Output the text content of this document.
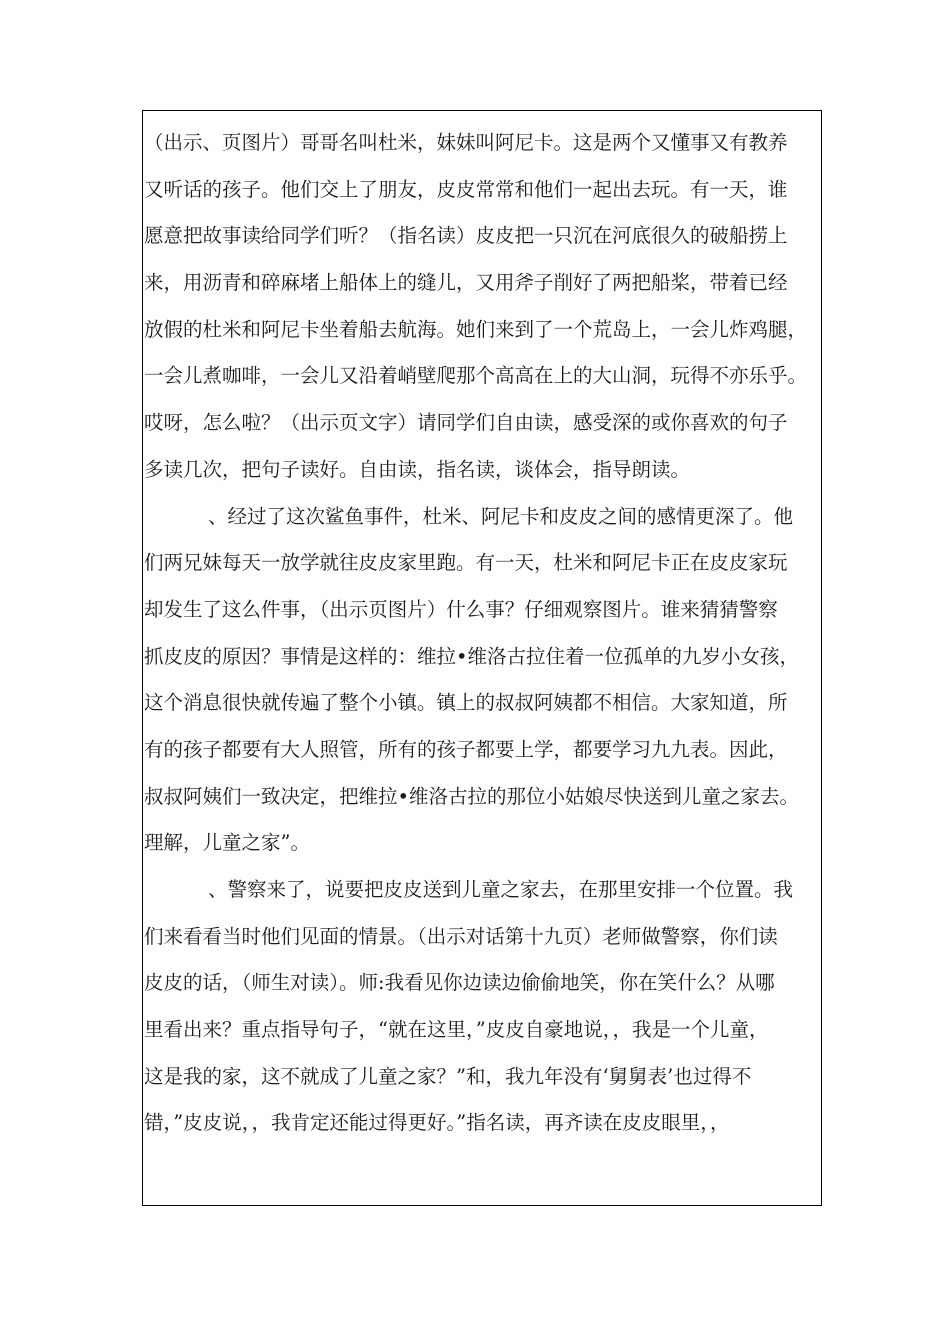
（出示、页图片）哥哥名叫杜米，妹妹叫阿尼卡。这是两个又懂事又有教养
又听话的孩子。他们交上了朋友，皮皮常常和他们一起出去玩。有一天，谁
愿意把故事读给同学们听？（指名读）皮皮把一只沉在河底很久的破船捞上
来，用沥青和碎麻堵上船体上的缝儿，又用斧子削好了两把船桨，带着已经
放假的杜米和阿尼卡坐着船去航海。她们来到了一个荒岛上，一会儿炸鸡腿，
一会儿煮咖啡，一会儿又沿着峭壁爬那个高高在上的大山洞，玩得不亦乐乎。
哎呀，怎么啦？（出示页文字）请同学们自由读，感受深的或你喜欢的句子
多读几次，把句子读好。自由读，指名读，谈体会，指导朗读。
、经过了这次鲨鱼事件，杜米、阿尼卡和皮皮之间的感情更深了。他
们两兄妹每天一放学就往皮皮家里跑。有一天，杜米和阿尼卡正在皮皮家玩
却发生了这么件事，（出示页图片）什么事？仔细观察图片。谁来猜猜警察
抓皮皮的原因？事情是这样的：维拉•维洛古拉住着一位孤单的九岁小女孩，
这个消息很快就传遍了整个小镇。镇上的叔叔阿姨都不相信。大家知道，所
有的孩子都要有大人照管，所有的孩子都要上学，都要学习九九表。因此，
叔叔阿姨们一致决定，把维拉•维洛古拉的那位小姑娘尽快送到儿童之家去。
理解，儿童之家”。
、警察来了，说要把皮皮送到儿童之家去，在那里安排一个位置。我
们来看看当时他们见面的情景。（出示对话第十九页）老师做警察，你们读
皮皮的话，（师生对读）。师:我看见你边读边偷偷地笑，你在笑什么？从哪
里看出来？重点指导句子，“就在这里，”皮皮自豪地说，，我是一个儿童，
这是我的家，这不就成了儿童之家？”和，我九年没有‘舅舅表’也过得不
错，”皮皮说，，我肯定还能过得更好。”指名读，再齐读在皮皮眼里，，
